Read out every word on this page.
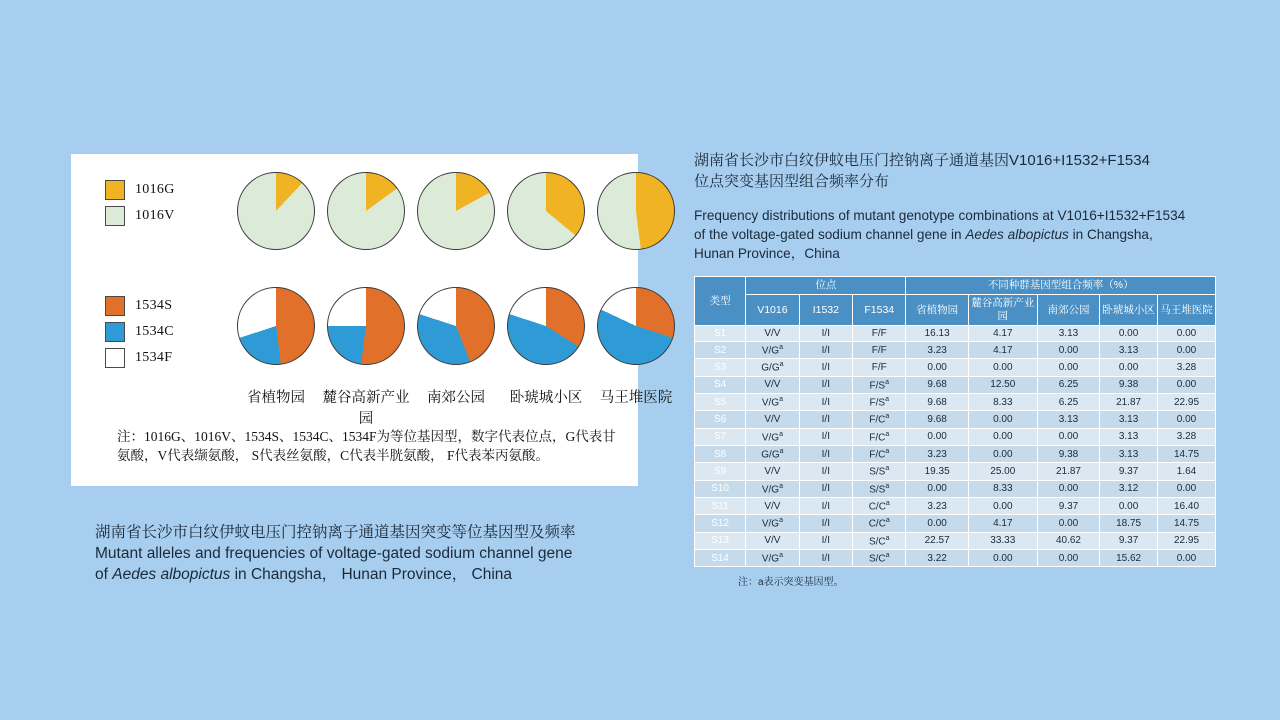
1016G
1016V
1534S
1534C
1534F
省植物园	麓谷高新产业园
南郊公园	卧琥城小区	马王堆医院
注：1016G、1016V、1534S、1534C、1534F为等位基因型，数字代表位点，G代表甘氨酸，V代表缬氨酸， S代表丝氨酸，C代表半胱氨酸， F代表苯丙氨酸。
湖南省长沙市白纹伊蚊电压门控钠离子通道基因突变等位基因型及频率
Mutant alleles and frequencies of voltage-gated sodium channel gene
of Aedes albopictus in Changsha， Hunan Province， China
湖南省长沙市白纹伊蚊电压门控钠离子通道基因V1016+I1532+F1534
位点突变基因型组合频率分布
Frequency distributions of mutant genotype combinations at V1016+I1532+F1534
of the voltage-gated sodium channel gene in Aedes albopictus in Changsha,
Hunan Province，China
类型	位点			不同种群基因型组合频率（%）				
	V1016	I1532	F1534	省植物园	麓谷高新产业园	南郊公园	卧琥城小区	马王堆医院
S1	V/V	I/I	F/F	16.13	4.17	3.13	0.00	0.00
S2	$V/G^a$	I/I	F/F	3.23	4.17	0.00	3.13	0.00
S3	$G/G^a$	I/I	F/F	0.00	0.00	0.00	0.00	3.28
S4	V/V	I/I	$F/S^a$	9.68	12.50	6.25	9.38	0.00
S5	$V/G^a$	I/I	$F/S^a$	9.68	8.33	6.25	21.87	22.95
S6	V/V	I/I	$F/C^a$	9.68	0.00	3.13	3.13	0.00
S7	$V/G^a$	I/I	$F/C^a$	0.00	0.00	0.00	3.13	3.28
S8	$G/G^a$	I/I	$F/C^a$	3.23	0.00	9.38	3.13	14.75
S9	V/V	I/I	$S/S^a$	19.35	25.00	21.87	9.37	1.64
S10	$V/G^a$	I/I	$S/S^a$	0.00	8.33	0.00	3.12	0.00
S11	V/V	I/I	$C/C^a$	3.23	0.00	9.37	0.00	16.40
S12	$V/G^a$	I/I	$C/C^a$	0.00	4.17	0.00	18.75	14.75
S13	V/V	I/I	$S/C^a$	22.57	33.33	40.62	9.37	22.95
S14	$V/G^a$	I/I	$S/C^a$	3.22	0.00	0.00	15.62	0.00
注：a表示突变基因型。
